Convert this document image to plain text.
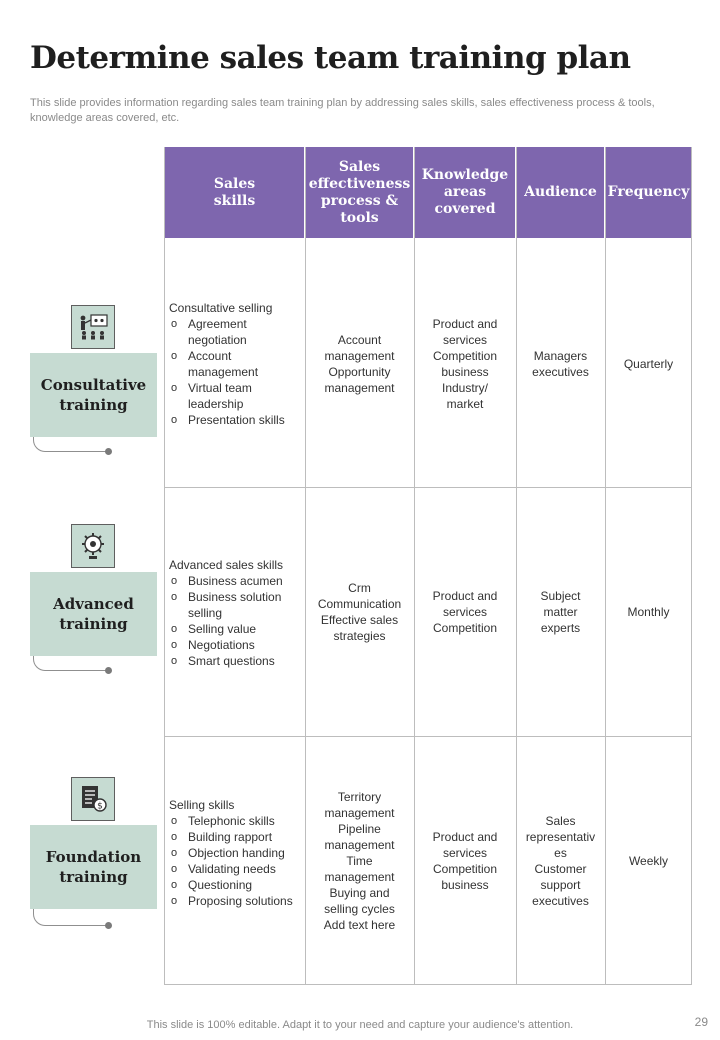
Determine sales team training plan
This slide provides information regarding sales team training plan by addressing sales skills, sales effectiveness process & tools, knowledge areas covered, etc.
Sales
skills
Sales
effectiveness
process &
tools
Knowledge
areas
covered
Audience Frequency
Consultative selling
o Agreement negotiation
o Account management
o Virtual team leadership
o Presentation skills
Account
management
Opportunity
management
Product and
services
Competition
business
Industry/
market
Managers
executives
Quarterly
Advanced sales skills
o Business acumen
o Business solution selling
o Selling value
o Negotiations
o Smart questions
Crm
Communication
Effective sales
strategies
Product and
services
Competition
Subject
matter
experts
Monthly
Selling skills
o Telephonic skills
o Building rapport
o Objection handing
o Validating needs
o Questioning
o Proposing solutions
Territory
management
Pipeline
management
Time
management
Buying and
selling cycles
Add text here
Product and
services
Competition
business
Sales
representativ
es
Customer
support
executives
Weekly
Consultative
training
Advanced
training
Foundation
training
$
This slide is 100% editable. Adapt it to your need and capture your audience's attention.	29
